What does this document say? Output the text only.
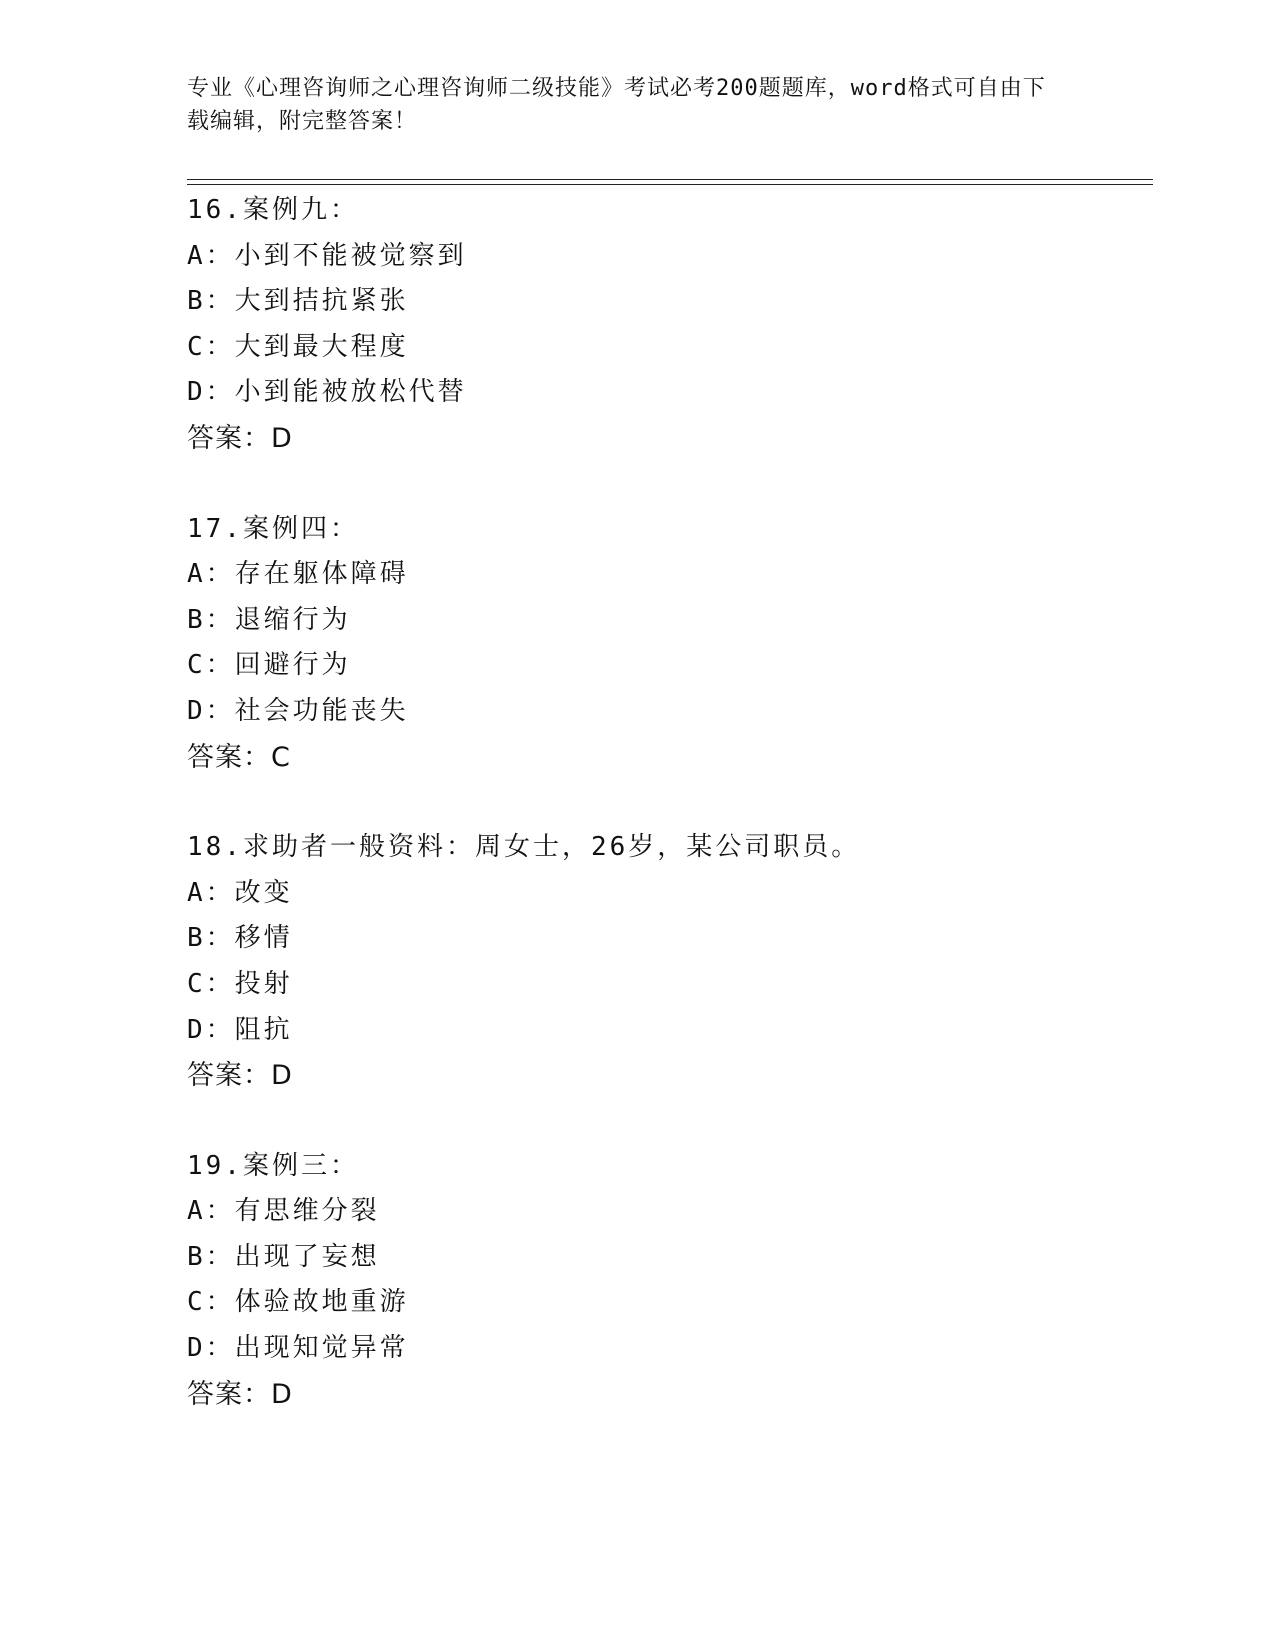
专业《心理咨询师之心理咨询师二级技能》考试必考200题题库，word格式可自由下载编辑，附完整答案！
16.案例九：
A：小到不能被觉察到
B：大到拮抗紧张
C：大到最大程度
D：小到能被放松代替
答案：D
17.案例四：
A：存在躯体障碍
B：退缩行为
C：回避行为
D：社会功能丧失
答案：C
18.求助者一般资料：周女士，26岁，某公司职员。
A：改变
B：移情
C：投射
D：阻抗
答案：D
19.案例三：
A：有思维分裂
B：出现了妄想
C：体验故地重游
D：出现知觉异常
答案：D
